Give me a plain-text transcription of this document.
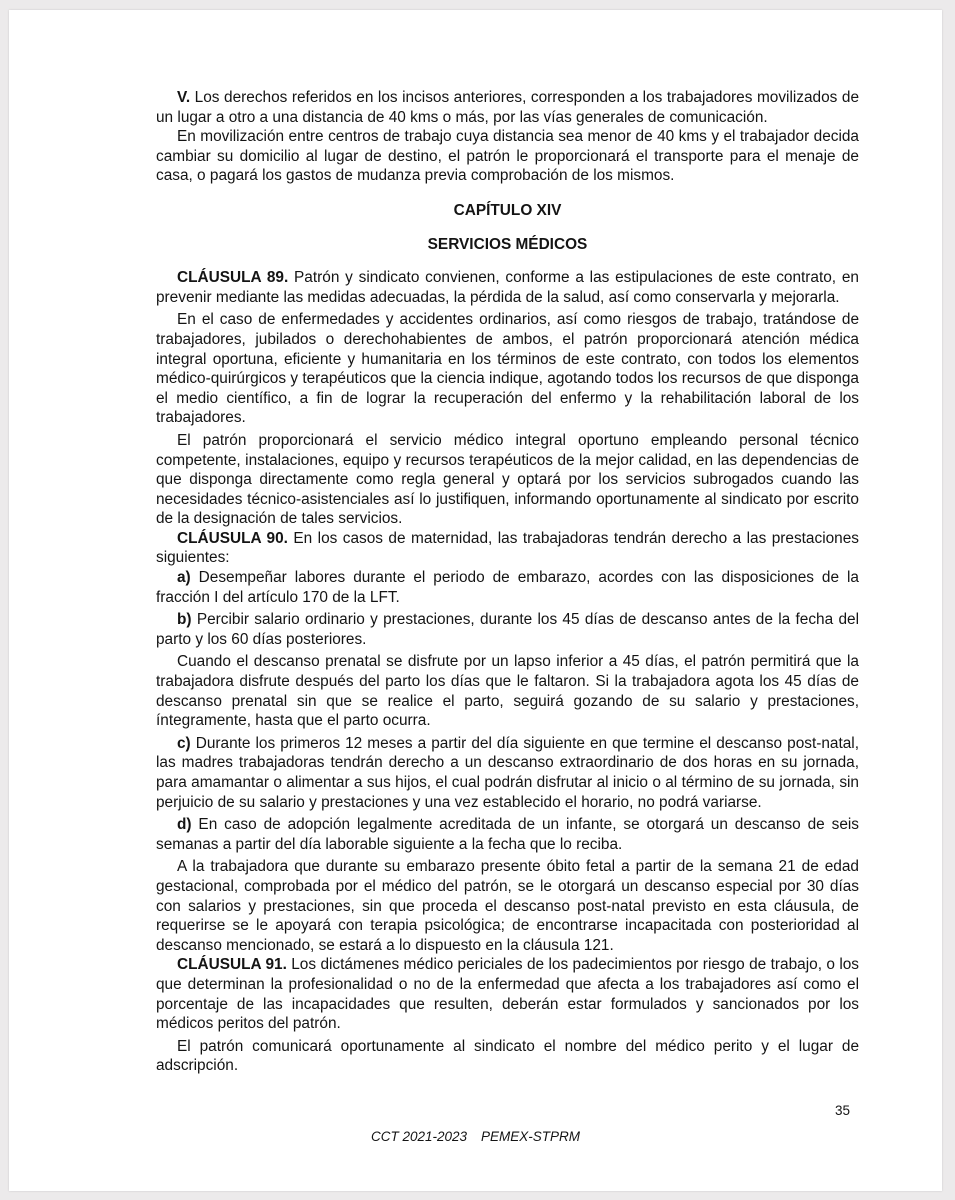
V. Los derechos referidos en los incisos anteriores, corresponden a los trabajadores movilizados de un lugar a otro a una distancia de 40 kms o más, por las vías generales de comunicación.

En movilización entre centros de trabajo cuya distancia sea menor de 40 kms y el trabajador decida cambiar su domicilio al lugar de destino, el patrón le proporcionará el transporte para el menaje de casa, o pagará los gastos de mudanza previa comprobación de los mismos.

CAPÍTULO XIV
SERVICIOS MÉDICOS

CLÁUSULA 89. Patrón y sindicato convienen, conforme a las estipulaciones de este contrato, en prevenir mediante las medidas adecuadas, la pérdida de la salud, así como conservarla y mejorarla.

En el caso de enfermedades y accidentes ordinarios, así como riesgos de trabajo, tratándose de trabajadores, jubilados o derechohabientes de ambos, el patrón proporcionará atención médica integral oportuna, eficiente y humanitaria en los términos de este contrato, con todos los elementos médico-quirúrgicos y terapéuticos que la ciencia indique, agotando todos los recursos de que disponga el medio científico, a fin de lograr la recuperación del enfermo y la rehabilitación laboral de los trabajadores.

El patrón proporcionará el servicio médico integral oportuno empleando personal técnico competente, instalaciones, equipo y recursos terapéuticos de la mejor calidad, en las dependencias de que disponga directamente como regla general y optará por los servicios subrogados cuando las necesidades técnico-asistenciales así lo justifiquen, informando oportunamente al sindicato por escrito de la designación de tales servicios.

CLÁUSULA 90. En los casos de maternidad, las trabajadoras tendrán derecho a las prestaciones siguientes:

a) Desempeñar labores durante el periodo de embarazo, acordes con las disposiciones de la fracción I del artículo 170 de la LFT.

b) Percibir salario ordinario y prestaciones, durante los 45 días de descanso antes de la fecha del parto y los 60 días posteriores.

Cuando el descanso prenatal se disfrute por un lapso inferior a 45 días, el patrón permitirá que la trabajadora disfrute después del parto los días que le faltaron. Si la trabajadora agota los 45 días de descanso prenatal sin que se realice el parto, seguirá gozando de su salario y prestaciones, íntegramente, hasta que el parto ocurra.

c) Durante los primeros 12 meses a partir del día siguiente en que termine el descanso post-natal, las madres trabajadoras tendrán derecho a un descanso extraordinario de dos horas en su jornada, para amamantar o alimentar a sus hijos, el cual podrán disfrutar al inicio o al término de su jornada, sin perjuicio de su salario y prestaciones y una vez establecido el horario, no podrá variarse.

d) En caso de adopción legalmente acreditada de un infante, se otorgará un descanso de seis semanas a partir del día laborable siguiente a la fecha que lo reciba.

A la trabajadora que durante su embarazo presente óbito fetal a partir de la semana 21 de edad gestacional, comprobada por el médico del patrón, se le otorgará un descanso especial por 30 días con salarios y prestaciones, sin que proceda el descanso post-natal previsto en esta cláusula, de requerirse se le apoyará con terapia psicológica; de encontrarse incapacitada con posterioridad al descanso mencionado, se estará a lo dispuesto en la cláusula 121.

CLÁUSULA 91. Los dictámenes médico periciales de los padecimientos por riesgo de trabajo, o los que determinan la profesionalidad o no de la enfermedad que afecta a los trabajadores así como el porcentaje de las incapacidades que resulten, deberán estar formulados y sancionados por los médicos peritos del patrón.

El patrón comunicará oportunamente al sindicato el nombre del médico perito y el lugar de adscripción.

35
CCT 2021-2023 PEMEX-STPRM
